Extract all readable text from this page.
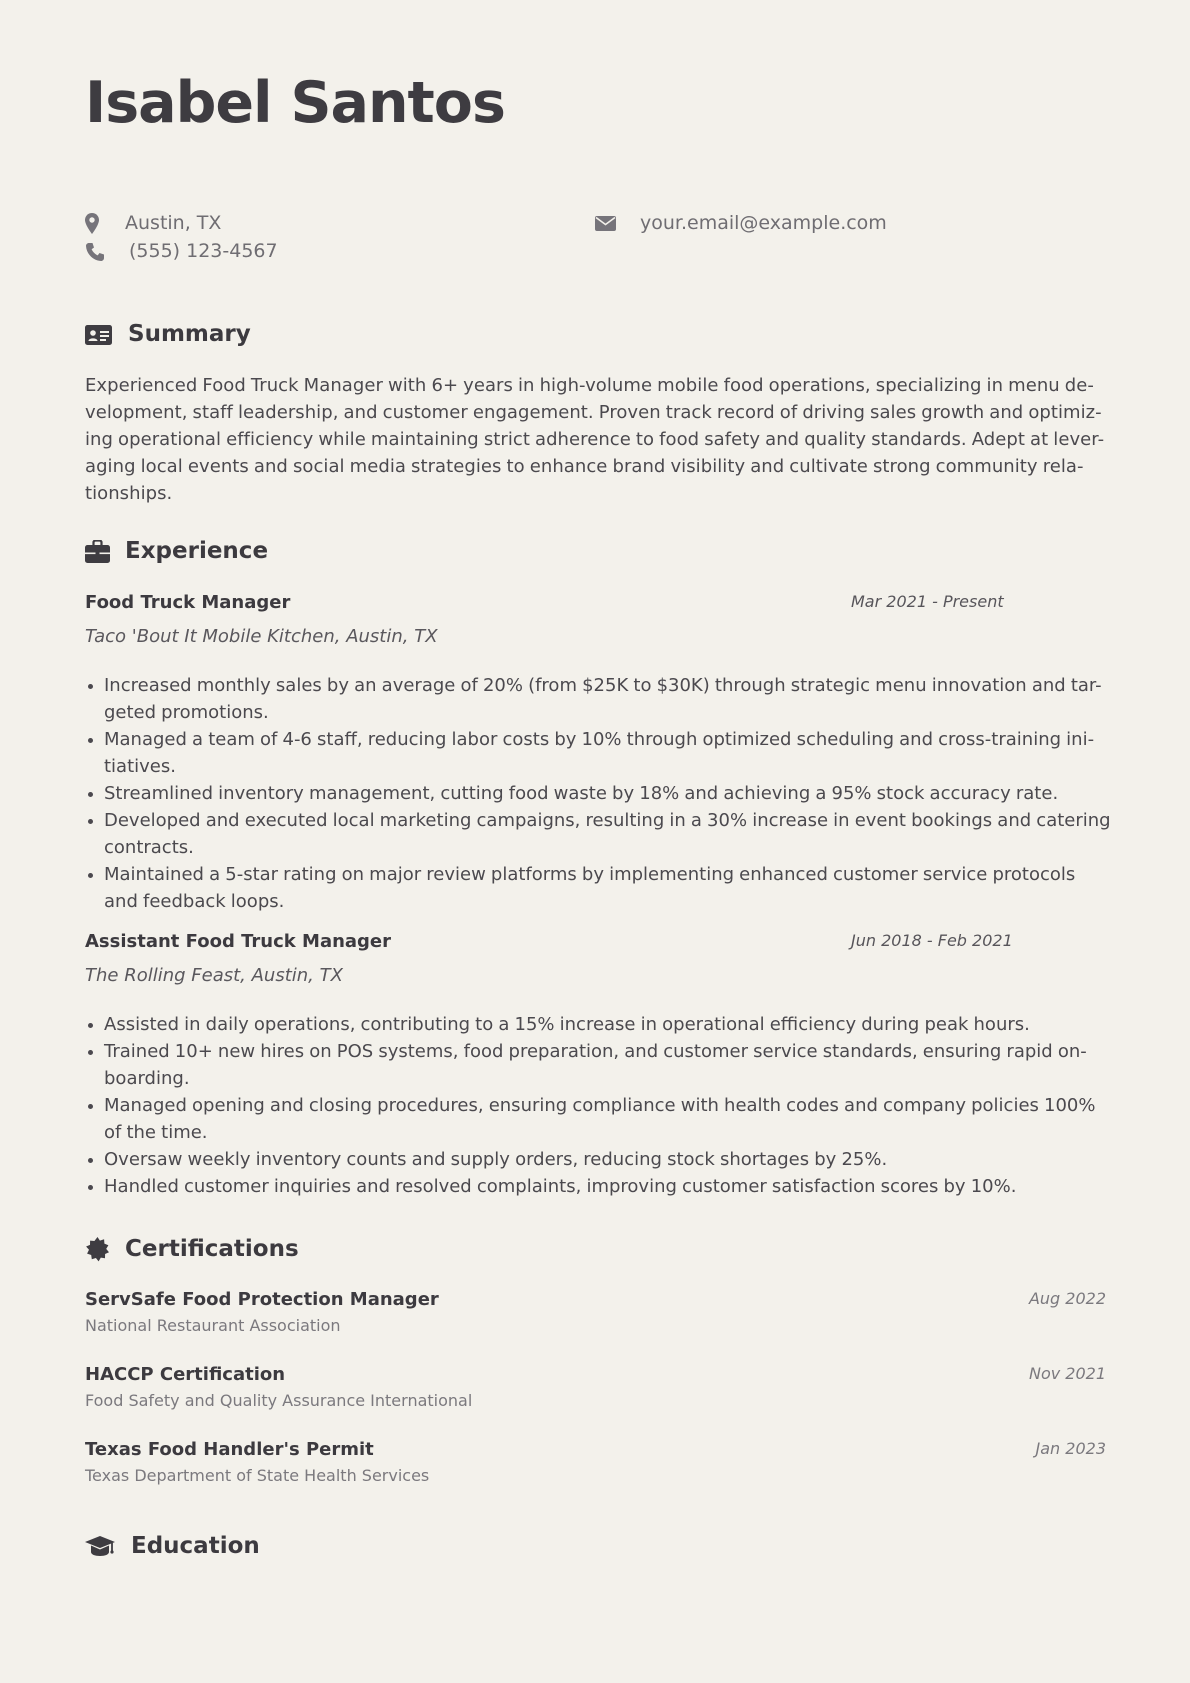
Isabel Santos
Austin, TX	your.email@example.com
(555) 123-4567
Summary

Experienced Food Truck Manager with 6+ years in high-volume mobile food operations, specializing in menu de-
velopment, staff leadership, and customer engagement. Proven track record of driving sales growth and optimiz-
ing operational efficiency while maintaining strict adherence to food safety and quality standards. Adept at lever-
aging local events and social media strategies to enhance brand visibility and cultivate strong community rela-
tionships.

Experience
Food Truck Manager	Mar 2021 - Present
Taco 'Bout It Mobile Kitchen, Austin, TX
Increased monthly sales by an average of 20% (from $25K to $30K) through strategic menu innovation and tar-
geted promotions.
Managed a team of 4-6 staff, reducing labor costs by 10% through optimized scheduling and cross-training ini-
tiatives.
Streamlined inventory management, cutting food waste by 18% and achieving a 95% stock accuracy rate.
Developed and executed local marketing campaigns, resulting in a 30% increase in event bookings and catering
contracts.
Maintained a 5-star rating on major review platforms by implementing enhanced customer service protocols
and feedback loops.
Assistant Food Truck Manager	Jun 2018 - Feb 2021
The Rolling Feast, Austin, TX
Assisted in daily operations, contributing to a 15% increase in operational efficiency during peak hours.
Trained 10+ new hires on POS systems, food preparation, and customer service standards, ensuring rapid on-
boarding.
Managed opening and closing procedures, ensuring compliance with health codes and company policies 100%
of the time.
Oversaw weekly inventory counts and supply orders, reducing stock shortages by 25%.
Handled customer inquiries and resolved complaints, improving customer satisfaction scores by 10%.
Certifications
ServSafe Food Protection Manager	Aug 2022
National Restaurant Association
HACCP Certification	Nov 2021
Food Safety and Quality Assurance International
Texas Food Handler's Permit	Jan 2023
Texas Department of State Health Services
Education
